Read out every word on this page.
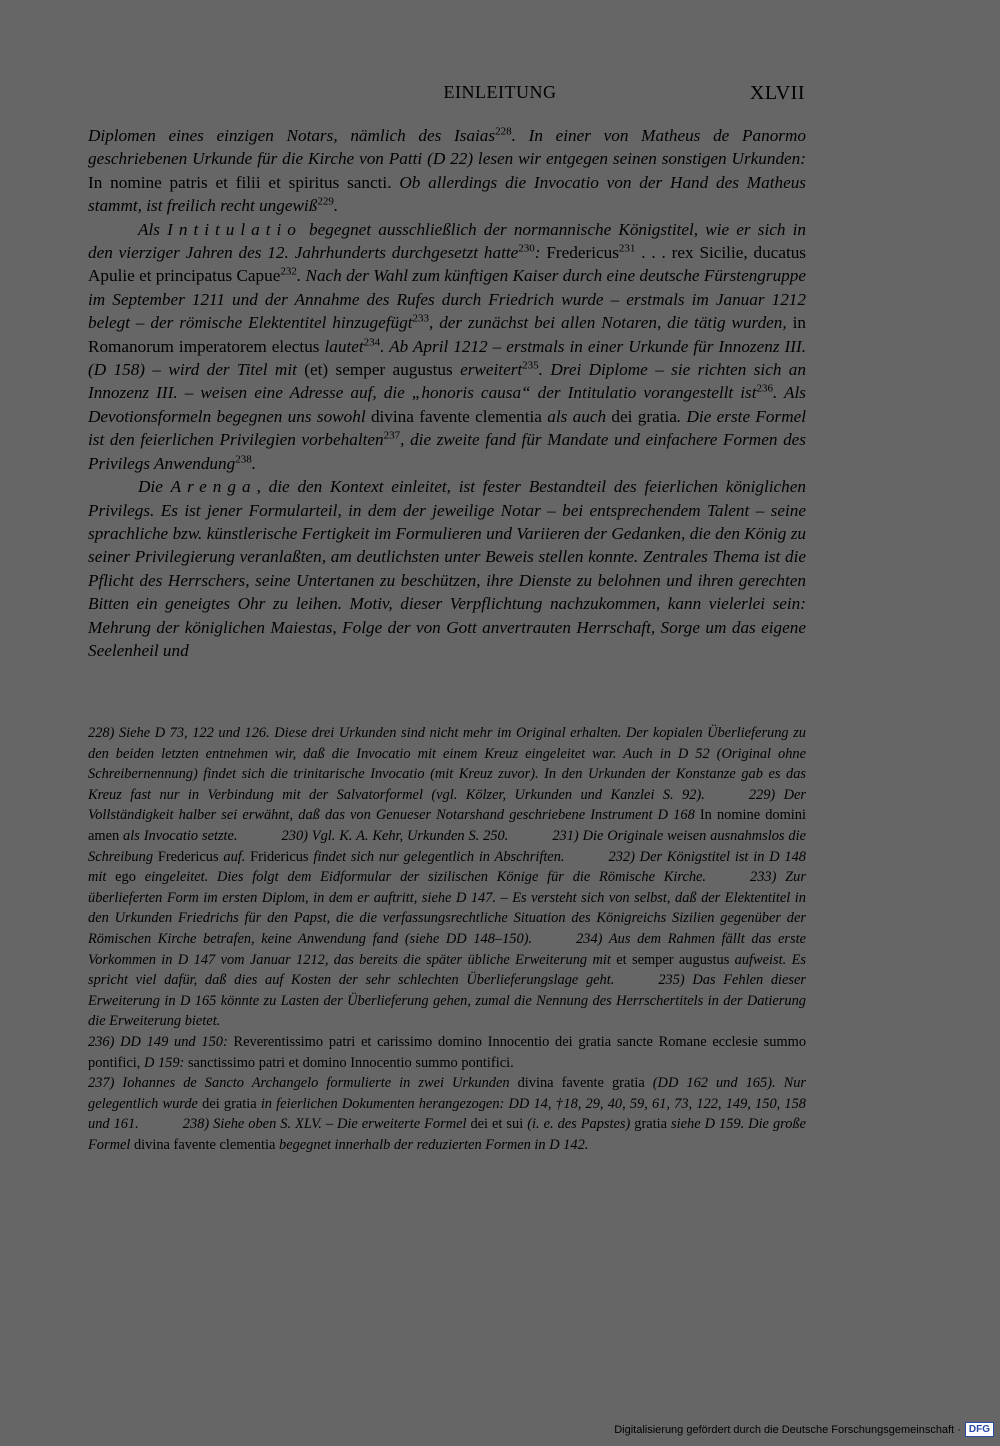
EINLEITUNG	XLVII

Diplomen eines einzigen Notars, nämlich des Isaias$^{228}$. In einer von Matheus de Panormo geschriebenen Urkunde für die Kirche von Patti (D 22) lesen wir entgegen seinen sonstigen Urkunden: In nomine patris et filii et spiritus sancti. Ob allerdings die Invocatio von der Hand des Matheus stammt, ist freilich recht ungewiß$^{229}$.

Als Intitulatio begegnet ausschließlich der normannische Königstitel, wie er sich in den vierziger Jahren des 12. Jahrhunderts durchgesetzt hatte$^{230}$: Fredericus$^{231}$ . . . rex Sicilie, ducatus Apulie et principatus Capue$^{232}$. Nach der Wahl zum künftigen Kaiser durch eine deutsche Fürstengruppe im September 1211 und der Annahme des Rufes durch Friedrich wurde – erstmals im Januar 1212 belegt – der römische Elektentitel hinzugefügt$^{233}$, der zunächst bei allen Notaren, die tätig wurden, in Romanorum imperatorem electus lautet$^{234}$. Ab April 1212 – erstmals in einer Urkunde für Innozenz III. (D 158) – wird der Titel mit (et) semper augustus erweitert$^{235}$. Drei Diplome – sie richten sich an Innozenz III. – weisen eine Adresse auf, die „honoris causa“ der Intitulatio vorangestellt ist$^{236}$. Als Devotionsformeln begegnen uns sowohl divina favente clementia als auch dei gratia. Die erste Formel ist den feierlichen Privilegien vorbehalten$^{237}$, die zweite fand für Mandate und einfachere Formen des Privilegs Anwendung$^{238}$.

Die Arenga, die den Kontext einleitet, ist fester Bestandteil des feierlichen königlichen Privilegs. Es ist jener Formularteil, in dem der jeweilige Notar – bei entsprechendem Talent – seine sprachliche bzw. künstlerische Fertigkeit im Formulieren und Variieren der Gedanken, die den König zu seiner Privilegierung veranlaßten, am deutlichsten unter Beweis stellen konnte. Zentrales Thema ist die Pflicht des Herrschers, seine Untertanen zu beschützen, ihre Dienste zu belohnen und ihren gerechten Bitten ein geneigtes Ohr zu leihen. Motiv, dieser Verpflichtung nachzukommen, kann vielerlei sein: Mehrung der königlichen Maiestas, Folge der von Gott anvertrauten Herrschaft, Sorge um das eigene Seelenheil und

228) Siehe D 73, 122 und 126. Diese drei Urkunden sind nicht mehr im Original erhalten. Der kopialen Überlieferung zu den beiden letzten entnehmen wir, daß die Invocatio mit einem Kreuz eingeleitet war. Auch in D 52 (Original ohne Schreibernennung) findet sich die trinitarische Invocatio (mit Kreuz zuvor). In den Urkunden der Konstanze gab es das Kreuz fast nur in Verbindung mit der Salvatorformel (vgl. Kölzer, Urkunden und Kanzlei S. 92).	229) Der Vollständigkeit halber sei erwähnt, daß das von Genueser Notarshand geschriebene Instrument D 168 In nomine domini amen als Invocatio setzte.	230) Vgl. K. A. Kehr, Urkunden S. 250.	231) Die Originale weisen ausnahmslos die Schreibung Fredericus auf. Fridericus findet sich nur gelegentlich in Abschriften.	232) Der Königstitel ist in D 148 mit ego eingeleitet. Dies folgt dem Eidformular der sizilischen Könige für die Römische Kirche.	233) Zur überlieferten Form im ersten Diplom, in dem er auftritt, siehe D 147. – Es versteht sich von selbst, daß der Elektentitel in den Urkunden Friedrichs für den Papst, die die verfassungsrechtliche Situation des Königreichs Sizilien gegenüber der Römischen Kirche betrafen, keine Anwendung fand (siehe DD 148–150).	234) Aus dem Rahmen fällt das erste Vorkommen in D 147 vom Januar 1212, das bereits die später übliche Erweiterung mit et semper augustus aufweist. Es spricht viel dafür, daß dies auf Kosten der sehr schlechten Überlieferungslage geht.	235) Das Fehlen dieser Erweiterung in D 165 könnte zu Lasten der Überlieferung gehen, zumal die Nennung des Herrschertitels in der Datierung die Erweiterung bietet.
236) DD 149 und 150: Reverentissimo patri et carissimo domino Innocentio dei gratia sancte Romane ecclesie summo pontifici, D 159: sanctissimo patri et domino Innocentio summo pontifici.
237) Iohannes de Sancto Archangelo formulierte in zwei Urkunden divina favente gratia (DD 162 und 165). Nur gelegentlich wurde dei gratia in feierlichen Dokumenten herangezogen: DD 14, †18, 29, 40, 59, 61, 73, 122, 149, 150, 158 und 161.	238) Siehe oben S. XLV. – Die erweiterte Formel dei et sui (i. e. des Papstes) gratia siehe D 159. Die große Formel divina favente clementia begegnet innerhalb der reduzierten Formen in D 142.

Digitalisierung gefördert durch die Deutsche Forschungsgemeinschaft · DFG
